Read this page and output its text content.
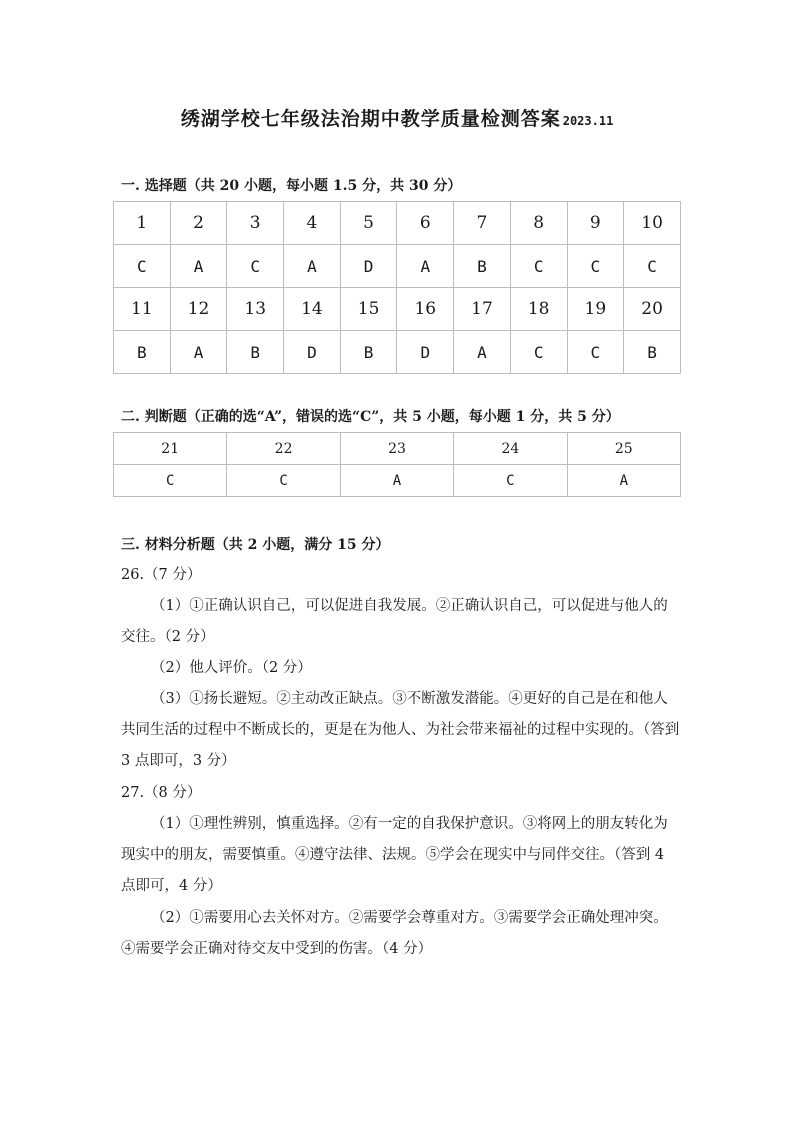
绣湖学校七年级法治期中教学质量检测答案 2023.11
一. 选择题（共 20 小题，每小题 1.5 分，共 30 分）
1	2	3	4	5	6	7	8	9	10
C	A	C	A	D	A	B	C	C	C
11	12	13	14	15	16	17	18	19	20
B	A	B	D	B	D	A	C	C	B
二. 判断题（正确的选“A”，错误的选“C”，共 5 小题，每小题 1 分，共 5 分）
21	22	23	24	25
C	C	A	C	A
三. 材料分析题（共 2 小题，满分 15 分）
26.（7 分）
（1）①正确认识自己，可以促进自我发展。②正确认识自己，可以促进与他人的交往。（2 分）
（2）他人评价。（2 分）
（3）①扬长避短。②主动改正缺点。③不断激发潜能。④更好的自己是在和他人共同生活的过程中不断成长的，更是在为他人、为社会带来福祉的过程中实现的。（答到 3 点即可，3 分）
27.（8 分）
（1）①理性辨别，慎重选择。②有一定的自我保护意识。③将网上的朋友转化为现实中的朋友，需要慎重。④遵守法律、法规。⑤学会在现实中与同伴交往。（答到 4 点即可，4 分）
（2）①需要用心去关怀对方。②需要学会尊重对方。③需要学会正确处理冲突。④需要学会正确对待交友中受到的伤害。（4 分）
